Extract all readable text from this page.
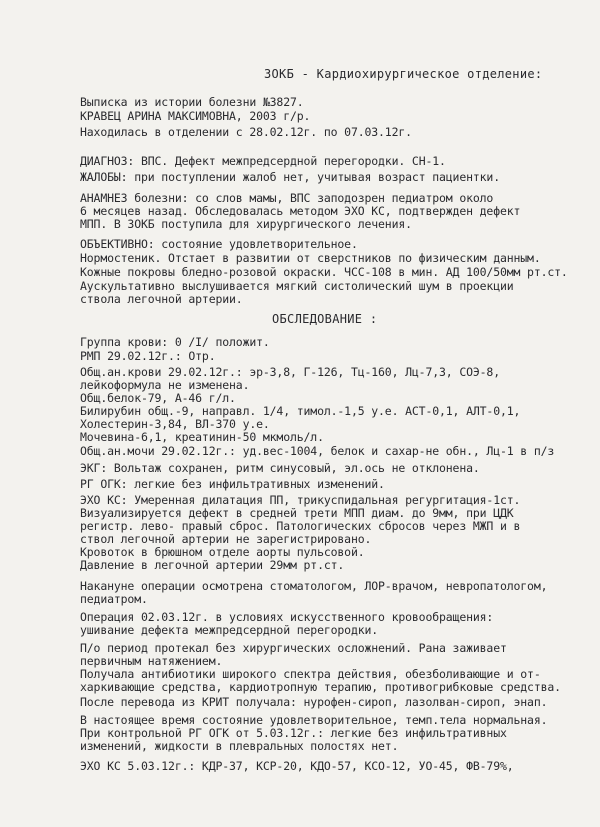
ЗОКБ - Кардиохирургическое отделение:
Выписка из истории болезни №3827.
КРАВЕЦ АРИНА МАКСИМОВНА, 2003 г/р.
Находилась в отделении с 28.02.12г. по 07.03.12г.
ДИАГНОЗ: ВПС. Дефект межпредсердной перегородки. СН-1.
ЖАЛОБЫ: при поступлении жалоб нет, учитывая возраст пациентки.
АНАМНЕЗ болезни: со слов мамы, ВПС заподозрен педиатром около
6 месяцев назад. Обследовалась методом ЭХО КС, подтвержден дефект
МПП. В ЗОКБ поступила для хирургического лечения.
ОБЪЕКТИВНО: состояние удовлетворительное.
Нормостеник. Отстает в развитии от сверстников по физическим данным.
Кожные покровы бледно-розовой окраски. ЧСС-108 в мин. АД 100/50мм рт.ст.
Аускультативно выслушивается мягкий систолический шум в проекции
ствола легочной артерии.
ОБСЛЕДОВАНИЕ :
Группа крови: 0 /I/ положит.
РМП 29.02.12г.: Отр.
Общ.ан.крови 29.02.12г.: эр-3,8, Г-126, Тц-160, Лц-7,3, СОЭ-8,
лейкоформула не изменена.
Общ.белок-79, А-46 г/л.
Билирубин общ.-9, направл. 1/4, тимол.-1,5 у.е. АСТ-0,1, АЛТ-0,1,
Холестерин-3,84, ВЛ-370 у.е.
Мочевина-6,1, креатинин-50 мкмоль/л.
Общ.ан.мочи 29.02.12г.: уд.вес-1004, белок и сахар-не обн., Лц-1 в п/з
ЭКГ: Вольтаж сохранен, ритм синусовый, эл.ось не отклонена.
РГ ОГК: легкие без инфильтративных изменений.
ЭХО КС: Умеренная дилатация ПП, трикуспидальная регургитация-1ст.
Визуализируется дефект в средней трети МПП диам. до 9мм, при ЦДК
регистр. лево- правый сброс. Патологических сбросов через МЖП и в
ствол легочной артерии не зарегистрировано.
Кровоток в брюшном отделе аорты пульсовой.
Давление в легочной артерии 29мм рт.ст.
Накануне операции осмотрена стоматологом, ЛОР-врачом, невропатологом,
педиатром.
Операция 02.03.12г. в условиях искусственного кровообращения:
ушивание дефекта межпредсердной перегородки.
П/о период протекал без хирургических осложнений. Рана заживает
первичным натяжением.
Получала антибиотики широкого спектра действия, обезболивающие и от-
харкивающие средства, кардиотропную терапию, противогрибковые средства.
После перевода из КРИТ получала: нурофен-сироп, лазолван-сироп, энап.
В настоящее время состояние удовлетворительное, темп.тела нормальная.
При контрольной РГ ОГК от 5.03.12г.: легкие без инфильтративных
изменений, жидкости в плевральных полостях нет.
ЭХО КС 5.03.12г.: КДР-37, КСР-20, КДО-57, КСО-12, УО-45, ФВ-79%,
